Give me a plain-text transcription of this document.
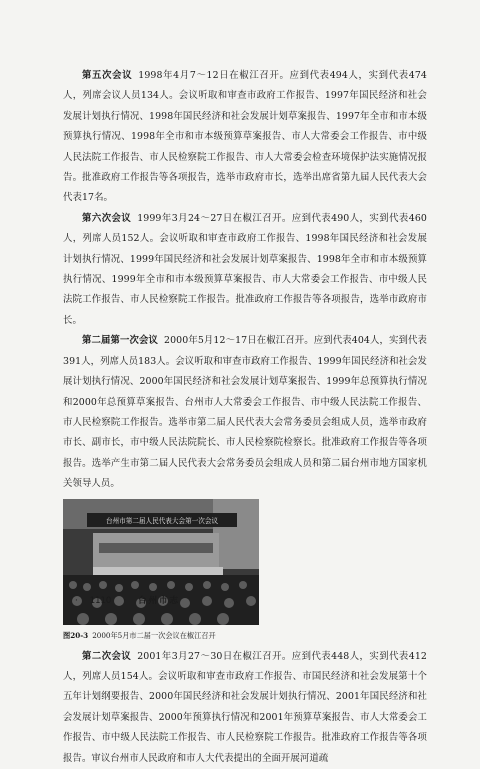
第五次会议 1998年4月7～12日在椒江召开。应到代表494人，实到代表474人，列席会议人员134人。会议听取和审查市政府工作报告、1997年国民经济和社会发展计划执行情况、1998年国民经济和社会发展计划草案报告、1997年全市和市本级预算执行情况、1998年全市和市本级预算草案报告、市人大常委会工作报告、市中级人民法院工作报告、市人民检察院工作报告、市人大常委会检查环境保护法实施情况报告。批准政府工作报告等各项报告，选举市政府市长，选举出席省第九届人民代表大会代表17名。

第六次会议 1999年3月24～27日在椒江召开。应到代表490人，实到代表460人，列席人员152人。会议听取和审查市政府工作报告、1998年国民经济和社会发展计划执行情况、1999年国民经济和社会发展计划草案报告、1998年全市和市本级预算执行情况、1999年全市和市本级预算草案报告、市人大常委会工作报告、市中级人民法院工作报告、市人民检察院工作报告。批准政府工作报告等各项报告，选举市政府市长。

第二届第一次会议 2000年5月12～17日在椒江召开。应到代表404人，实到代表391人，列席人员183人。会议听取和审查市政府工作报告、1999年国民经济和社会发展计划执行情况、2000年国民经济和社会发展计划草案报告、1999年总预算执行情况和2000年总预算草案报告、台州市人大常委会工作报告、市中级人民法院工作报告、市人民检察院工作报告。选举市第二届人民代表大会常务委员会组成人员，选举市政府市长、副市长，市中级人民法院院长、市人民检察院检察长。批准政府工作报告等各项报告。选举产生市第二届人民代表大会常务委员会组成人员和第二届台州市地方国家机关领导人员。

台州市第二届人民代表大会第一次会议
图20-3 2000年5月市二届一次会议在椒江召开

第二次会议 2001年3月27～30日在椒江召开。应到代表448人，实到代表412人，列席人员154人。会议听取和审查市政府工作报告、市国民经济和社会发展第十个五年计划纲要报告、2000年国民经济和社会发展计划执行情况、2001年国民经济和社会发展计划草案报告、2000年预算执行情况和2001年预算草案报告、市人大常委会工作报告、市中级人民法院工作报告、市人民检察院工作报告。批准政府工作报告等各项报告。审议台州市人民政府和市人大代表提出的全面开展河道疏

· 1110 · 台州市志
